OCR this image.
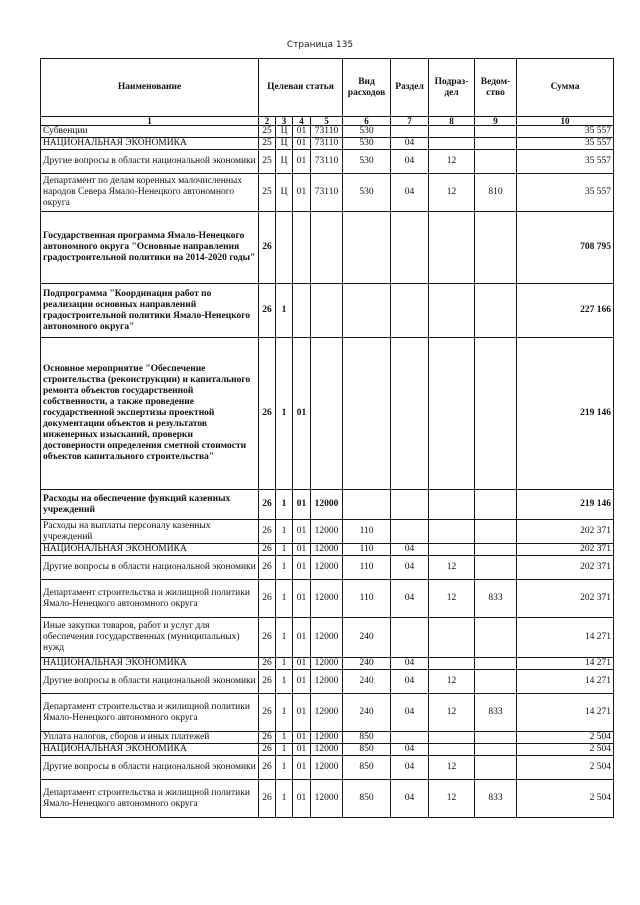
Страница 135
Наименование	Целевая статья				Вид расходов	Раздел	Подраз-дел	Ведом-ство	Сумма
1	2	3	4	5	6	7	8	9	10
Субвенции	25	Ц	01	73110	530				35 557
НАЦИОНАЛЬНАЯ ЭКОНОМИКА	25	Ц	01	73110	530	04			35 557
Другие вопросы в области национальной экономики	25	Ц	01	73110	530	04	12		35 557
Департамент по делам коренных малочисленных народов Севера Ямало-Ненецкого автономного округа	25	Ц	01	73110	530	04	12	810	35 557
Государственная программа Ямало-Ненецкого автономного округа "Основные направления градостроительной политики на 2014-2020 годы"	26								708 795
Подпрограмма "Координация работ по реализации основных направлений градостроительной политики Ямало-Ненецкого автономного округа"	26	1							227 166
Основное мероприятие "Обеспечение строительства (реконструкции) и капитального ремонта объектов государственной собственности, а также проведение государственной экспертизы проектной документации объектов и результатов инженерных изысканий, проверки достоверности определения сметной стоимости объектов капитального строительства"	26	1	01						219 146
Расходы на обеспечение функций казенных учреждений	26	1	01	12000					219 146
Расходы на выплаты персоналу казенных учреждений	26	1	01	12000	110				202 371
НАЦИОНАЛЬНАЯ ЭКОНОМИКА	26	1	01	12000	110	04			202 371
Другие вопросы в области национальной экономики	26	1	01	12000	110	04	12		202 371
Департамент строительства и жилищной политики Ямало-Ненецкого автономного округа	26	1	01	12000	110	04	12	833	202 371
Иные закупки товаров, работ и услуг для обеспечения государственных (муниципальных) нужд	26	1	01	12000	240				14 271
НАЦИОНАЛЬНАЯ ЭКОНОМИКА	26	1	01	12000	240	04			14 271
Другие вопросы в области национальной экономики	26	1	01	12000	240	04	12		14 271
Департамент строительства и жилищной политики Ямало-Ненецкого автономного округа	26	1	01	12000	240	04	12	833	14 271
Уплата налогов, сборов и иных платежей	26	1	01	12000	850				2 504
НАЦИОНАЛЬНАЯ ЭКОНОМИКА	26	1	01	12000	850	04			2 504
Другие вопросы в области национальной экономики	26	1	01	12000	850	04	12		2 504
Департамент строительства и жилищной политики Ямало-Ненецкого автономного округа	26	1	01	12000	850	04	12	833	2 504
